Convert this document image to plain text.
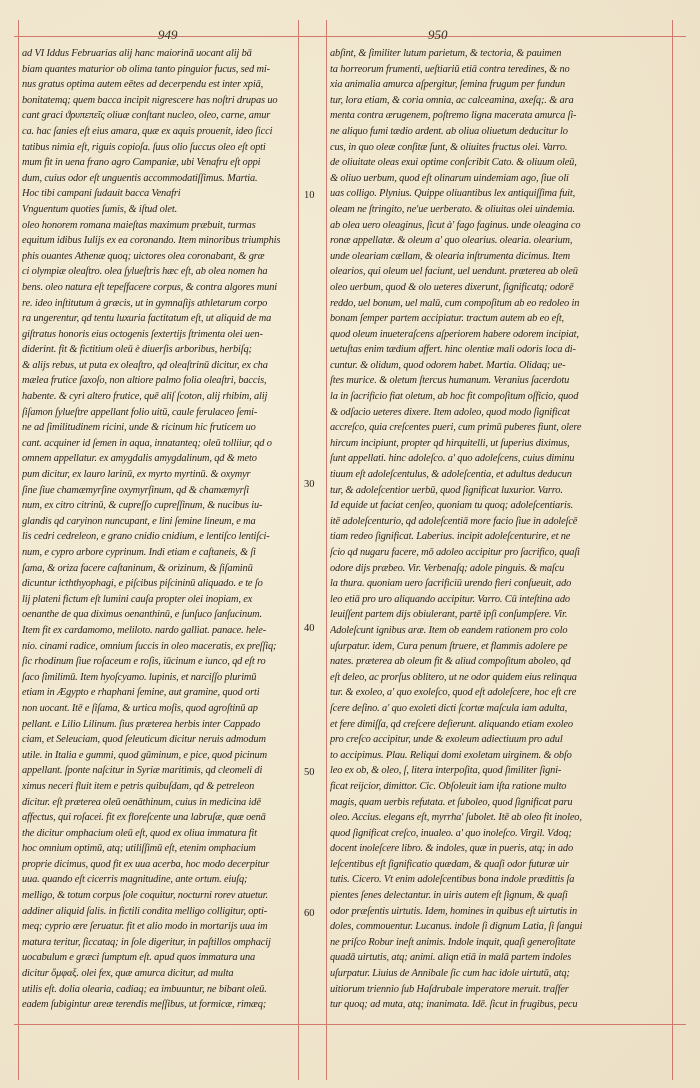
949	950
10
30
40
50
60
ad VI Iddus Februarias alij hanc maiorinā uocant alij bā
biam quantes maturior ob olima tanto pinguior fucus, sed mi-
nus gratus optima autem eētes ad decerpendu est inter xpiā,
bonitatemq; quem bacca incipit nigrescere has noſtri drupas uo
cant graci ϑρυπεπεῖς oliuæ conſtant nucleo, oleo, carne, amur
ca. hac ſanies eſt eius amara, quæ ex aquis prouenit, ideo ſicci
tatibus nimia eſt, riguis copioſa. ſuus olio ſuccus oleo eſt opti
mum fit in uena frano agro Campaniæ, ubi Venafru eſt oppi
dum, cuius odor eſt unguentis accommodatiſſimus. Martia.
Hoc tibi campani ſudauit bacca Venafri
Vnguentum quoties ſumis, & iſtud olet.
oleo honorem romana maieſtas maximum præbuit, turmas
equitum idibus Iulijs ex ea coronando. Item minoribus triumphis
phis ouantes Athenæ quoq; uictores olea coronabant, & græ
ci olympiæ oleaſtro. olea ſylueſtris hæc eſt, ab olea nomen ha
bens. oleo natura eſt tepeſfacere corpus, & contra algores muni
re. ideo inſtitutum à græcis, ut in gymnaſijs athletarum corpo
ra ungerentur, qd tentu luxuria factitatum eſt, ut aliquid de ma
giſtratus honoris eius octogenis ſextertijs ſtrimenta olei uen-
diderint. fit & fictitium oleū è diuerſis arboribus, herbiſq;
& alijs rebus, ut puta ex oleaſtro, qd oleaſtrinū dicitur, ex cha
mælea frutice ſaxoſo, non altiore palmo folia oleaſtri, baccis,
habente. & cyri altero frutice, quē aliſ ſcoton, alij rhibim, alij
ſiſamon ſylueſtre appellant folio uitū, caule ferulaceo ſemi-
ne ad ſimilitudinem ricini, unde & ricinum hic fruticem uo
cant. acquiner id ſemen in aqua, innatanteq; oleū tolliiur, qd o
omnem appellatur. ex amygdalis amygdalinum, qd & meto
pum dicitur, ex lauro larinū, ex myrto myrtinū. & oxymyr
ſine ſiue chamæmyrſine oxymyrſinum, qd & chamæmyrſi
num, ex citro citrinū, & cupreſſo cupreſſinum, & nucibus iu-
glandis qd caryinon nuncupant, e lini ſemine lineum, e ma
lis cedri cedreleon, e grano cnidio cnidium, e lentiſco lentiſci-
num, e cypro arbore cyprinum. Indi etiam e caſtaneis, & ſi
ſama, & oriza facere caſtaninum, & orizinum, & ſiſaminū
dicuntur icththyophagi, e piſcibus piſcininū aliquado. e te ſo
lij plateni fictum eſt lumini cauſa propter olei inopiam, ex
oenanthe de qua diximus oenanthinū, e ſunſuco ſanſucinum.
Item fit ex cardamomo, meliloto. nardo galliat. panace. hele-
nio. cinami radice, omnium ſuccis in oleo maceratis, ex preſſiq;
ſic rhodinum ſiue roſaceum e roſis, iūcinum e iunco, qd eſt ro
ſaco ſimilimū. Item hyoſcyamo. lupinis, et narciſſo plurimū
etiam in Ægypto e rhaphani ſemine, aut gramine, quod orti
non uocant. Itē e ſiſama, & urtica moſis, quod agroſtinū ap
pellant. e Lilio Lilinum. ſius præterea herbis inter Cappado
ciam, et Seleuciam, quod ſeleuticum dicitur neruis admodum
utile. in Italia e gummi, quod gūminum, e pice, quod picinum
appellant. ſponte naſcitur in Syriæ maritimis, qd cleomeli di
ximus neceri fluit item e petris quibuſdam, qd & petreleon
dicitur. eſt præterea oleū oenāthinum, cuius in medicina idē
affectus, qui roſacei. fit ex floreſcente una labruſæ, quæ oenā
the dicitur omphacium oleū eſt, quod ex oliua immatura fit
hoc omnium optimū, atq; utiliſſimū eſt, etenim omphacium
proprie dicimus, quod fit ex uua acerba, hoc modo decerpitur
uua. quando eſt cicerris magnitudine, ante ortum. eiuſq;
melligo, & totum corpus ſole coquitur, nocturni rorev atuetur.
addiner aliquid ſalis. in fictili condita melligo colligitur, opti-
meq; cyprio ære ſeruatur. fit et alio modo in mortarijs uua im
matura teritur, ſiccataq; in ſole digeritur, in paſtillos omphacij
uocabulum e græci ſumptum eſt. apud quos immatura una
dicitur ὄμφαξ. olei fex, quæ amurca dicitur, ad multa
utilis eſt. dolia olearia, cadiaq; ea imbuuntur, ne bibant oleū.
eadem ſubigintur areæ terendis meſſibus, ut formicæ, rimæq;
abſint, & ſimiliter lutum parietum, & tectoria, & pauimen
ta horreorum frumenti, ueſtiariū etiā contra teredines, & no
xia animalia amurca aſpergitur, ſemina frugum per fundun
tur, lora etiam, & coria omnia, ac calceamina, axeſq;. & ara
menta contra ærugenem, poſtremo ligna macerata amurca ſi-
ne aliquo fumi tædio ardent. ab oliua oliuetum deducitur lo
cus, in quo oleæ conſitæ ſunt, & oliuites fructus olei. Varro.
de oliuitate oleas exui optime conſcribit Cato. & oliuum oleū,
& oliuo uerbum, quod eſt olinarum uindemiam ago, ſiue oli
uas colligo. Plynius. Quippe oliuantibus lex antiquiſſima fuit,
oleam ne ſtringito, ne'ue uerberato. & oliuitas olei uindemia.
ab olea uero oleaginus, ſicut à' fago faginus. unde oleagina co
ronæ appellatæ. & oleum a' quo olearius. olearia. olearium,
unde oleariam cællam, & olearia inſtrumenta dicimus. Item
olearios, qui oleum uel faciunt, uel uendunt. præterea ab oleū
oleo uerbum, quod & olo ueteres dixerunt, ſignificatq; odorē
reddo, uel bonum, uel malū, cum compoſitum ab eo redoleo in
bonam ſemper partem accipiatur. tractum autem ab eo eſt,
quod oleum inueteraſcens aſperiorem habere odorem incipiat,
uetuſtas enim tædium affert. hinc olentiæ mali odoris loca di-
cuntur. & olidum, quod odorem habet. Martia. Olidaq; ue-
ſtes murice. & oletum ſtercus humanum. Veranius ſacerdotu
la in ſacrificio fiat oletum, ab hoc fit compoſitum oſficio, quod
& odſacio ueteres dixere. Item adoleo, quod modo ſignificat
accreſco, quia creſcentes pueri, cum primū puberes fiunt, olere
hircum incipiunt, propter qd hirquitelli, ut ſuperius diximus,
ſunt appellati. hinc adoleſco. a' quo adoleſcens, cuius diminu
tiuum eſt adoleſcentulus, & adoleſcentia, et adultus deducun
tur, & adoleſcentior uerbū, quod ſignificat luxurior. Varro.
Id equide ut faciat cenſeo, quoniam tu quoq; adoleſcentiaris.
itē adoleſcenturio, qd adoleſcentiā more facio ſiue in adoleſcē
tiam redeo ſignificat. Laberius. incipit adoleſcenturire, et ne
ſcio qd nugaru facere, mō adoleo accipitur pro ſacrifico, quaſi
odore dijs præbeo. Vir. Verbenaſq; adole pinguis. & maſcu
la thura. quoniam uero ſacrificiū urendo fieri conſueuit, ado
leo etiā pro uro aliquando accipitur. Varro. Cū inteſtina ado
leuiſſent partem dijs obiulerant, partē ipſi conſumpſere. Vir.
Adoleſcunt ignibus aræ. Item ob eandem rationem pro colo
uſurpatur. idem, Cura penum ſtruere, et flammis adolere pe
nates. præterea ab oleum fit & aliud compoſitum aboleo, qd
eſt deleo, ac prorſus oblitero, ut ne odor quidem eius relinqua
tur. & exoleo, a' quo exoleſco, quod eſt adoleſcere, hoc eſt cre
ſcere deſino. a' quo exoleti dicti ſcortæ maſcula iam adulta,
et fere dimiſſa, qd creſcere deſierunt. aliquando etiam exoleo
pro creſco accipitur, unde & exoleum adiectiuum pro adul
to accipimus. Plau. Reliqui domi exoletam uirginem. & obſo
leo ex ob, & oleo, ſ, litera interpoſita, quod ſimiliter ſigni-
ficat reijcior, dimittor. Cic. Obſoleuit iam iſta ratione multo
magis, quam uerbis refutata. et ſuboleo, quod ſignificat paru
oleo. Accius. elegans eſt, myrrha' ſubolet. Itē ab oleo fit inoleo,
quod ſignificat creſco, inualeo. a' quo inoleſco. Virgil. Vdoq;
docent inoleſcere libro. & indoles, quæ in pueris, atq; in ado
leſcentibus eſt ſignificatio quædam, & quaſi odor futuræ uir
tutis. Cicero. Vt enim adoleſcentibus bona indole prædittis ſa
pientes ſenes delectantur. in uiris autem eſt ſignum, & quaſi
odor præſentis uirtutis. Idem, homines in quibus eſt uirtutis in
doles, commouentur. Lucanus. indole ſi dignum Latia, ſi ſangui
ne priſco Robur ineſt animis. Indole inquit, quaſi generoſitate
quadā uirtutis, atq; animi. aliqn etiā in malā partem indoles
uſurpatur. Liuius de Annibale ſic cum hac idole uirtutū, atq;
uitiorum triennio ſub Haſdrubale imperatore meruit. traſfer
tur quoq; ad muta, atq; inanimata. Idē. ſicut in frugibus, pecu
